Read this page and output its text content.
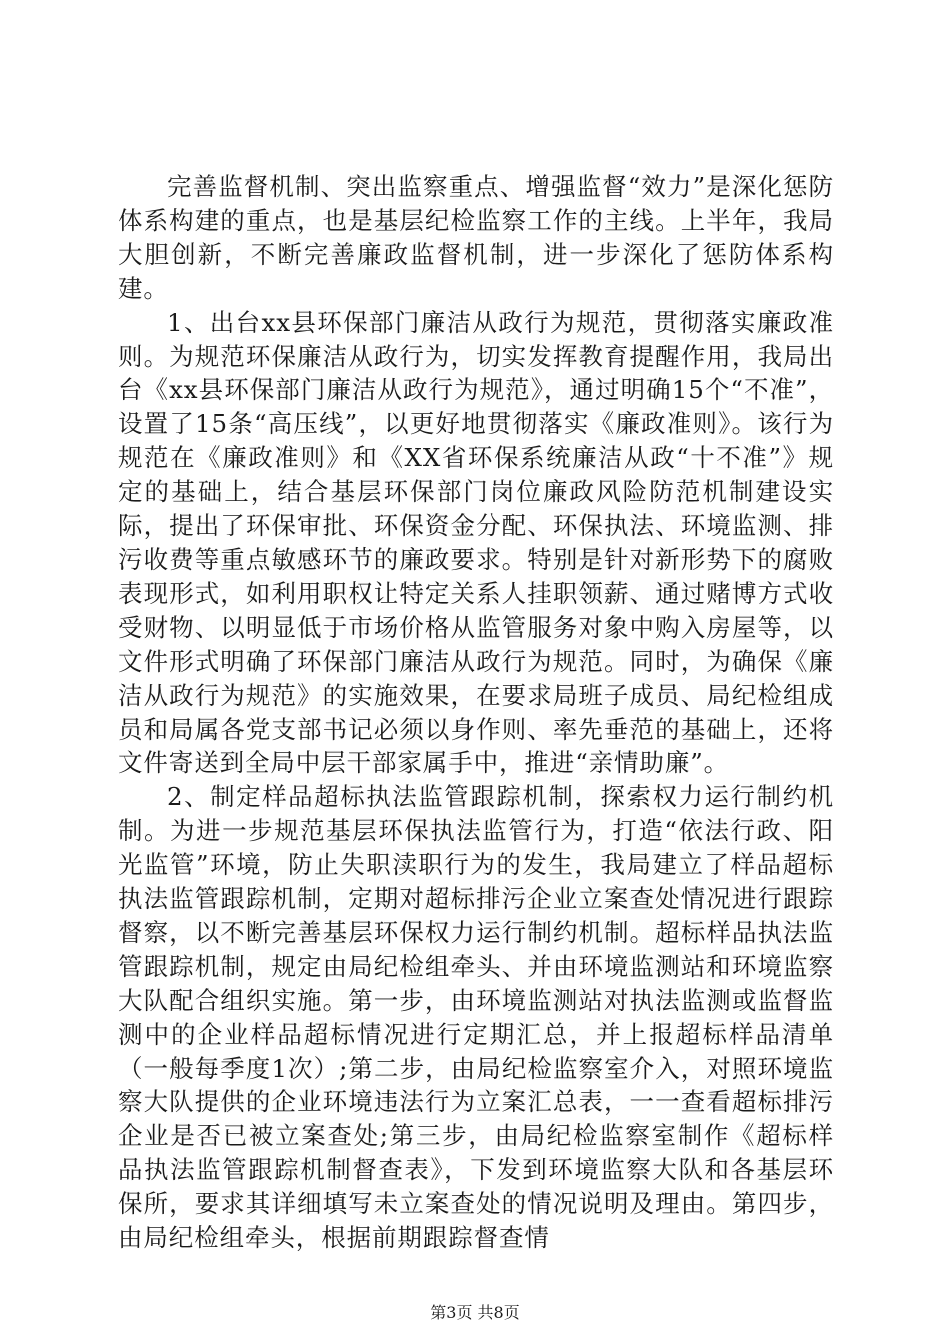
完善监督机制、突出监察重点、增强监督“效力”是深化惩防体系构建的重点，也是基层纪检监察工作的主线。上半年，我局大胆创新，不断完善廉政监督机制，进一步深化了惩防体系构建。

1、出台xx县环保部门廉洁从政行为规范，贯彻落实廉政准则。为规范环保廉洁从政行为，切实发挥教育提醒作用，我局出台《xx县环保部门廉洁从政行为规范》，通过明确15个“不准”，设置了15条“高压线”，以更好地贯彻落实《廉政准则》。该行为规范在《廉政准则》和《XX省环保系统廉洁从政“十不准”》规定的基础上，结合基层环保部门岗位廉政风险防范机制建设实际，提出了环保审批、环保资金分配、环保执法、环境监测、排污收费等重点敏感环节的廉政要求。特别是针对新形势下的腐败表现形式，如利用职权让特定关系人挂职领薪、通过赌博方式收受财物、以明显低于市场价格从监管服务对象中购入房屋等，以文件形式明确了环保部门廉洁从政行为规范。同时，为确保《廉洁从政行为规范》的实施效果，在要求局班子成员、局纪检组成员和局属各党支部书记必须以身作则、率先垂范的基础上，还将文件寄送到全局中层干部家属手中，推进“亲情助廉”。

2、制定样品超标执法监管跟踪机制，探索权力运行制约机制。为进一步规范基层环保执法监管行为，打造“依法行政、阳光监管”环境，防止失职渎职行为的发生，我局建立了样品超标执法监管跟踪机制，定期对超标排污企业立案查处情况进行跟踪督察，以不断完善基层环保权力运行制约机制。超标样品执法监管跟踪机制，规定由局纪检组牵头、并由环境监测站和环境监察大队配合组织实施。第一步，由环境监测站对执法监测或监督监测中的企业样品超标情况进行定期汇总，并上报超标样品清单（一般每季度1次）;第二步，由局纪检监察室介入，对照环境监察大队提供的企业环境违法行为立案汇总表，一一查看超标排污企业是否已被立案查处;第三步，由局纪检监察室制作《超标样品执法监管跟踪机制督查表》，下发到环境监察大队和各基层环保所，要求其详细填写未立案查处的情况说明及理由。第四步，由局纪检组牵头，根据前期跟踪督查情

第3页 共8页
